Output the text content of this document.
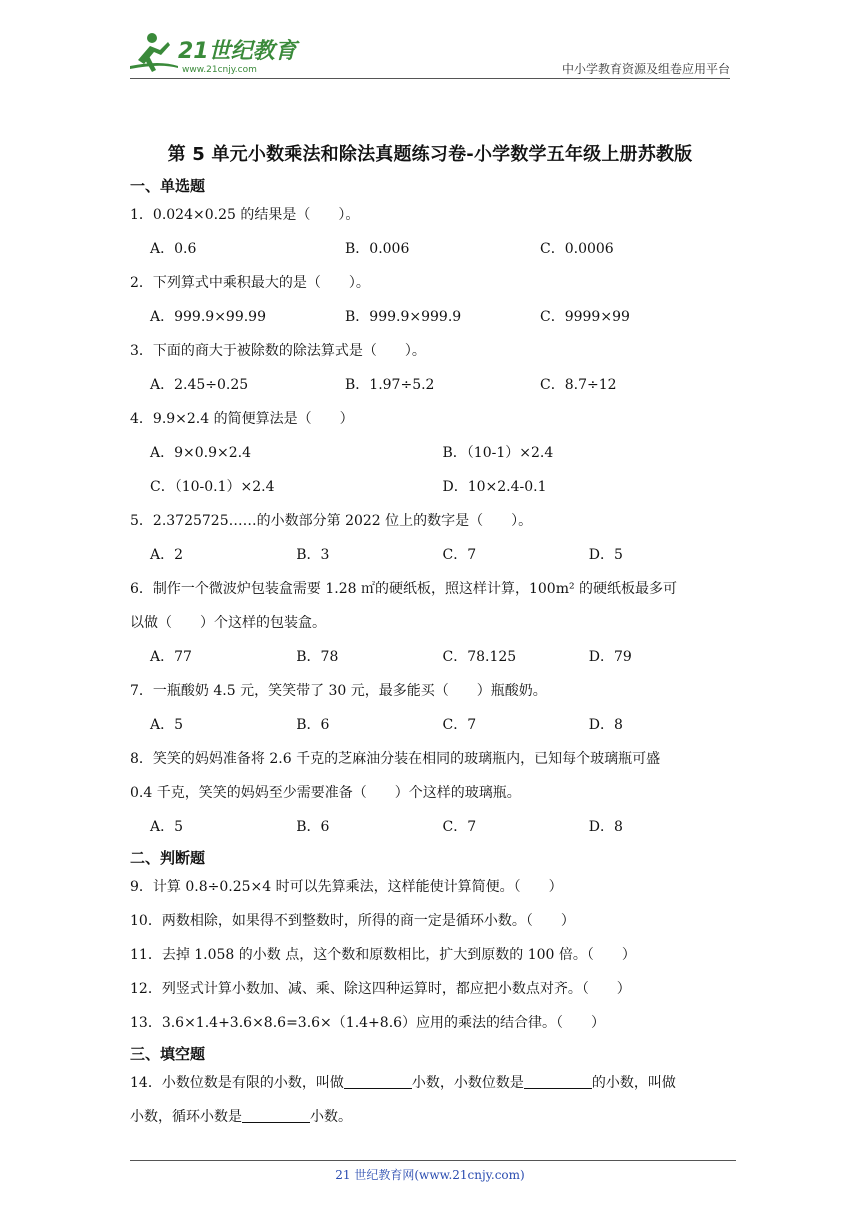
21世纪教育
www.21cnjy.com	中小学教育资源及组卷应用平台
第 5 单元小数乘法和除法真题练习卷-小学数学五年级上册苏教版
一、单选题
1．0.024×0.25 的结果是（　　）。
A．0.6	B．0.006	C．0.0006
2．下列算式中乘积最大的是（　　）。
A．999.9×99.99	B．999.9×999.9	C．9999×99
3．下面的商大于被除数的除法算式是（　　）。
A．2.45÷0.25	B．1.97÷5.2	C．8.7÷12
4．9.9×2.4 的简便算法是（　　）
A．9×0.9×2.4	B．（10-1）×2.4
C．（10-0.1）×2.4	D．10×2.4-0.1
5．2.3725725……的小数部分第 2022 位上的数字是（　　）。
A．2	B．3	C．7	D．5
6．制作一个微波炉包装盒需要 1.28 ㎡的硬纸板，照这样计算，100m² 的硬纸板最多可
以做（　　）个这样的包装盒。
A．77	B．78	C．78.125	D．79
7．一瓶酸奶 4.5 元，笑笑带了 30 元，最多能买（　　）瓶酸奶。
A．5	B．6	C．7	D．8
8．笑笑的妈妈准备将 2.6 千克的芝麻油分装在相同的玻璃瓶内，已知每个玻璃瓶可盛
0.4 千克，笑笑的妈妈至少需要准备（　　）个这样的玻璃瓶。
A．5	B．6	C．7	D．8
二、判断题
9．计算 0.8÷0.25×4 时可以先算乘法，这样能使计算简便。（　　）
10．两数相除，如果得不到整数时，所得的商一定是循环小数。（　　）
11．去掉 1.058 的小数 点，这个数和原数相比，扩大到原数的 100 倍。（　　）
12．列竖式计算小数加、减、乘、除这四种运算时，都应把小数点对齐。（　　）
13．3.6×1.4+3.6×8.6=3.6×（1.4+8.6）应用的乘法的结合律。（　　）
三、填空题
14．小数位数是有限的小数，叫做	小数，小数位数是	的小数，叫做
小数，循环小数是	小数。
21 世纪教育网(www.21cnjy.com)
